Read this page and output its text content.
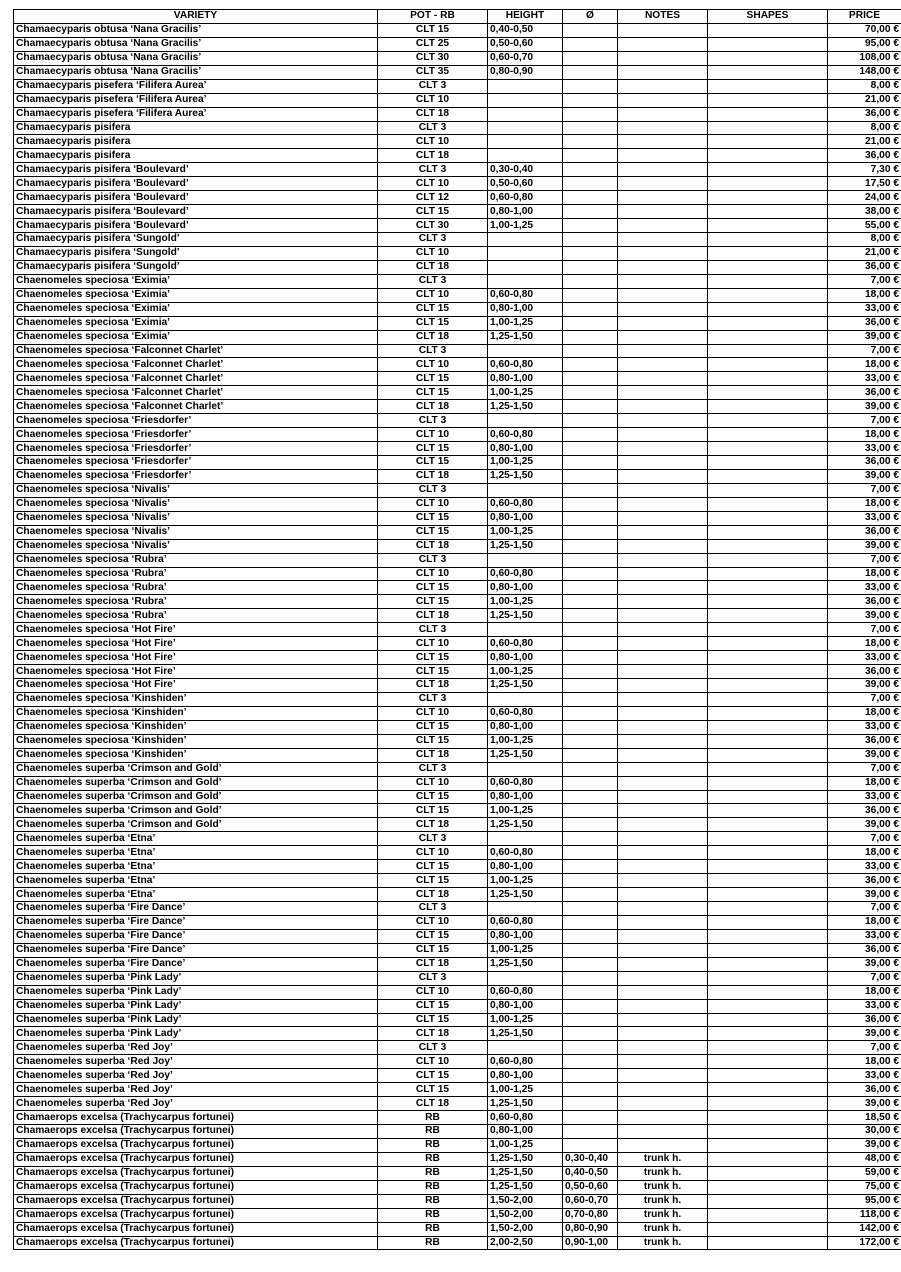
VARIETY	POT - RB	HEIGHT	Ø	NOTES	SHAPES	PRICE
Chamaecyparis obtusa ‘Nana Gracilis’	CLT 15	0,40-0,50				70,00 €
Chamaecyparis obtusa ‘Nana Gracilis’	CLT 25	0,50-0,60				95,00 €
Chamaecyparis obtusa ‘Nana Gracilis’	CLT 30	0,60-0,70				108,00 €
Chamaecyparis obtusa ‘Nana Gracilis’	CLT 35	0,80-0,90				148,00 €
Chamaecyparis pisefera ‘Filifera Aurea’	CLT 3					8,00 €
Chamaecyparis pisefera ‘Filifera Aurea’	CLT 10					21,00 €
Chamaecyparis pisefera ‘Filifera Aurea’	CLT 18					36,00 €
Chamaecyparis pisifera	CLT 3					8,00 €
Chamaecyparis pisifera	CLT 10					21,00 €
Chamaecyparis pisifera	CLT 18					36,00 €
Chamaecyparis pisifera ‘Boulevard’	CLT 3	0,30-0,40				7,30 €
Chamaecyparis pisifera ‘Boulevard’	CLT 10	0,50-0,60				17,50 €
Chamaecyparis pisifera ‘Boulevard’	CLT 12	0,60-0,80				24,00 €
Chamaecyparis pisifera ‘Boulevard’	CLT 15	0,80-1,00				38,00 €
Chamaecyparis pisifera ‘Boulevard’	CLT 30	1,00-1,25				55,00 €
Chamaecyparis pisifera ‘Sungold’	CLT 3					8,00 €
Chamaecyparis pisifera ‘Sungold’	CLT 10					21,00 €
Chamaecyparis pisifera ‘Sungold’	CLT 18					36,00 €
Chaenomeles speciosa ‘Eximia’	CLT 3					7,00 €
Chaenomeles speciosa ‘Eximia’	CLT 10	0,60-0,80				18,00 €
Chaenomeles speciosa ‘Eximia’	CLT 15	0,80-1,00				33,00 €
Chaenomeles speciosa ‘Eximia’	CLT 15	1,00-1,25				36,00 €
Chaenomeles speciosa ‘Eximia’	CLT 18	1,25-1,50				39,00 €
Chaenomeles speciosa ‘Falconnet Charlet’	CLT 3					7,00 €
Chaenomeles speciosa ‘Falconnet Charlet’	CLT 10	0,60-0,80				18,00 €
Chaenomeles speciosa ‘Falconnet Charlet’	CLT 15	0,80-1,00				33,00 €
Chaenomeles speciosa ‘Falconnet Charlet’	CLT 15	1,00-1,25				36,00 €
Chaenomeles speciosa ‘Falconnet Charlet’	CLT 18	1,25-1,50				39,00 €
Chaenomeles speciosa ‘Friesdorfer’	CLT 3					7,00 €
Chaenomeles speciosa ‘Friesdorfer’	CLT 10	0,60-0,80				18,00 €
Chaenomeles speciosa ‘Friesdorfer’	CLT 15	0,80-1,00				33,00 €
Chaenomeles speciosa ‘Friesdorfer’	CLT 15	1,00-1,25				36,00 €
Chaenomeles speciosa ‘Friesdorfer’	CLT 18	1,25-1,50				39,00 €
Chaenomeles speciosa ‘Nivalis’	CLT 3					7,00 €
Chaenomeles speciosa ‘Nivalis’	CLT 10	0,60-0,80				18,00 €
Chaenomeles speciosa ‘Nivalis’	CLT 15	0,80-1,00				33,00 €
Chaenomeles speciosa ‘Nivalis’	CLT 15	1,00-1,25				36,00 €
Chaenomeles speciosa ‘Nivalis’	CLT 18	1,25-1,50				39,00 €
Chaenomeles speciosa ‘Rubra’	CLT 3					7,00 €
Chaenomeles speciosa ‘Rubra’	CLT 10	0,60-0,80				18,00 €
Chaenomeles speciosa ‘Rubra’	CLT 15	0,80-1,00				33,00 €
Chaenomeles speciosa ‘Rubra’	CLT 15	1,00-1,25				36,00 €
Chaenomeles speciosa ‘Rubra’	CLT 18	1,25-1,50				39,00 €
Chaenomeles speciosa ‘Hot Fire’	CLT 3					7,00 €
Chaenomeles speciosa ‘Hot Fire’	CLT 10	0,60-0,80				18,00 €
Chaenomeles speciosa ‘Hot Fire’	CLT 15	0,80-1,00				33,00 €
Chaenomeles speciosa ‘Hot Fire’	CLT 15	1,00-1,25				36,00 €
Chaenomeles speciosa ‘Hot Fire’	CLT 18	1,25-1,50				39,00 €
Chaenomeles speciosa ‘Kinshiden’	CLT 3					7,00 €
Chaenomeles speciosa ‘Kinshiden’	CLT 10	0,60-0,80				18,00 €
Chaenomeles speciosa ‘Kinshiden’	CLT 15	0,80-1,00				33,00 €
Chaenomeles speciosa ‘Kinshiden’	CLT 15	1,00-1,25				36,00 €
Chaenomeles speciosa ‘Kinshiden’	CLT 18	1,25-1,50				39,00 €
Chaenomeles superba ‘Crimson and Gold’	CLT 3					7,00 €
Chaenomeles superba ‘Crimson and Gold’	CLT 10	0,60-0,80				18,00 €
Chaenomeles superba ‘Crimson and Gold’	CLT 15	0,80-1,00				33,00 €
Chaenomeles superba ‘Crimson and Gold’	CLT 15	1,00-1,25				36,00 €
Chaenomeles superba ‘Crimson and Gold’	CLT 18	1,25-1,50				39,00 €
Chaenomeles superba ‘Etna’	CLT 3					7,00 €
Chaenomeles superba ‘Etna’	CLT 10	0,60-0,80				18,00 €
Chaenomeles superba ‘Etna’	CLT 15	0,80-1,00				33,00 €
Chaenomeles superba ‘Etna’	CLT 15	1,00-1,25				36,00 €
Chaenomeles superba ‘Etna’	CLT 18	1,25-1,50				39,00 €
Chaenomeles superba ‘Fire Dance’	CLT 3					7,00 €
Chaenomeles superba ‘Fire Dance’	CLT 10	0,60-0,80				18,00 €
Chaenomeles superba ‘Fire Dance’	CLT 15	0,80-1,00				33,00 €
Chaenomeles superba ‘Fire Dance’	CLT 15	1,00-1,25				36,00 €
Chaenomeles superba ‘Fire Dance’	CLT 18	1,25-1,50				39,00 €
Chaenomeles superba ‘Pink Lady’	CLT 3					7,00 €
Chaenomeles superba ‘Pink Lady’	CLT 10	0,60-0,80				18,00 €
Chaenomeles superba ‘Pink Lady’	CLT 15	0,80-1,00				33,00 €
Chaenomeles superba ‘Pink Lady’	CLT 15	1,00-1,25				36,00 €
Chaenomeles superba ‘Pink Lady’	CLT 18	1,25-1,50				39,00 €
Chaenomeles superba ‘Red Joy’	CLT 3					7,00 €
Chaenomeles superba ‘Red Joy’	CLT 10	0,60-0,80				18,00 €
Chaenomeles superba ‘Red Joy’	CLT 15	0,80-1,00				33,00 €
Chaenomeles superba ‘Red Joy’	CLT 15	1,00-1,25				36,00 €
Chaenomeles superba ‘Red Joy’	CLT 18	1,25-1,50				39,00 €
Chamaerops excelsa (Trachycarpus fortunei)	RB	0,60-0,80				18,50 €
Chamaerops excelsa (Trachycarpus fortunei)	RB	0,80-1,00				30,00 €
Chamaerops excelsa (Trachycarpus fortunei)	RB	1,00-1,25				39,00 €
Chamaerops excelsa (Trachycarpus fortunei)	RB	1,25-1,50	0,30-0,40	trunk h.		48,00 €
Chamaerops excelsa (Trachycarpus fortunei)	RB	1,25-1,50	0,40-0,50	trunk h.		59,00 €
Chamaerops excelsa (Trachycarpus fortunei)	RB	1,25-1,50	0,50-0,60	trunk h.		75,00 €
Chamaerops excelsa (Trachycarpus fortunei)	RB	1,50-2,00	0,60-0,70	trunk h.		95,00 €
Chamaerops excelsa (Trachycarpus fortunei)	RB	1,50-2,00	0,70-0,80	trunk h.		118,00 €
Chamaerops excelsa (Trachycarpus fortunei)	RB	1,50-2,00	0,80-0,90	trunk h.		142,00 €
Chamaerops excelsa (Trachycarpus fortunei)	RB	2,00-2,50	0,90-1,00	trunk h.		172,00 €
